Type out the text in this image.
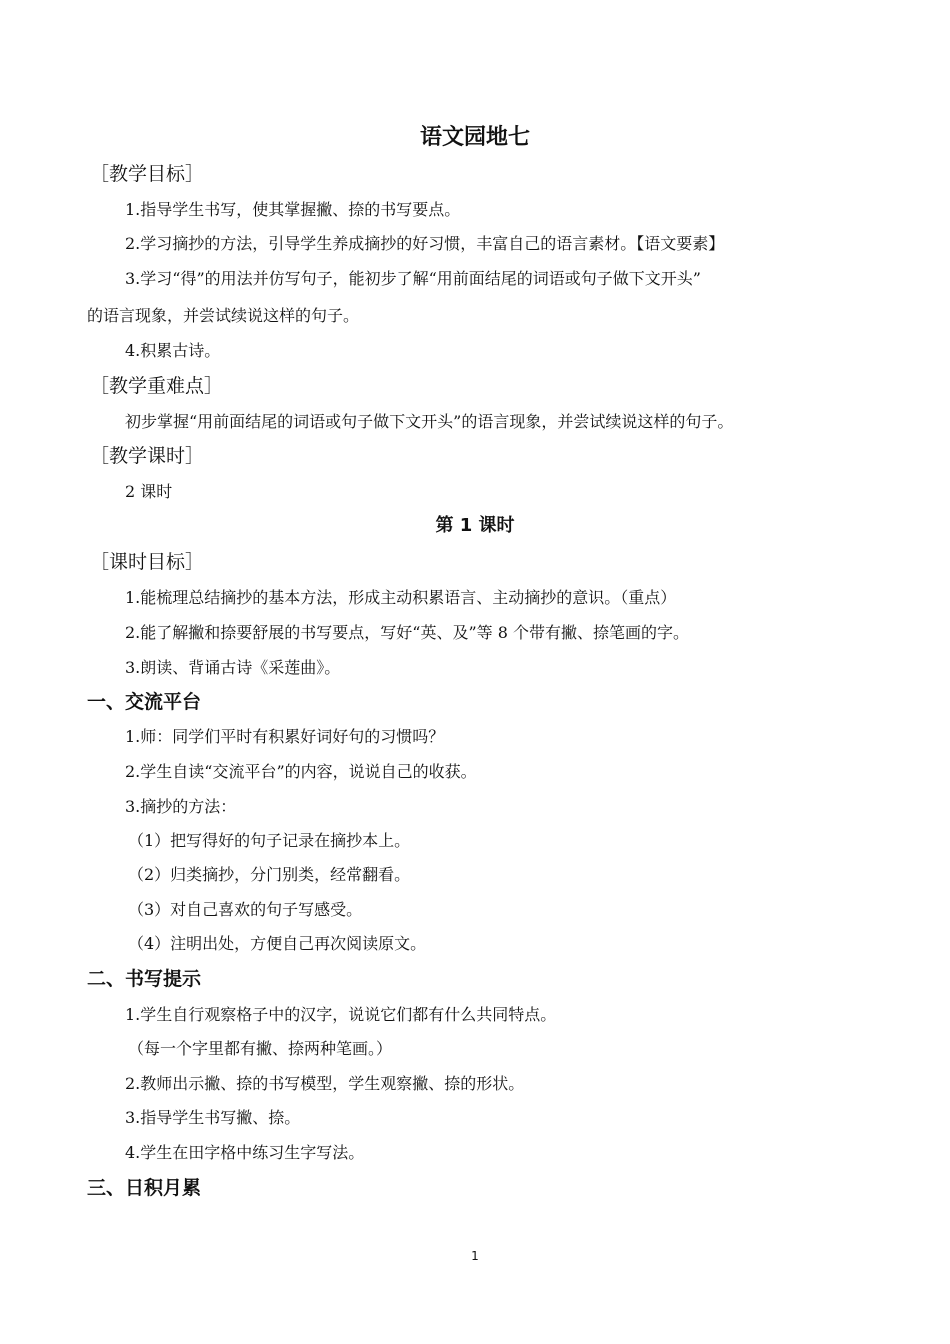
语文园地七
［教学目标］
1.指导学生书写，使其掌握撇、捺的书写要点。
2.学习摘抄的方法，引导学生养成摘抄的好习惯，丰富自己的语言素材。【语文要素】
3.学习“得”的用法并仿写句子，能初步了解“用前面结尾的词语或句子做下文开头”
的语言现象，并尝试续说这样的句子。
4.积累古诗。
［教学重难点］
初步掌握“用前面结尾的词语或句子做下文开头”的语言现象，并尝试续说这样的句子。
［教学课时］
2 课时
第 1 课时
［课时目标］
1.能梳理总结摘抄的基本方法，形成主动积累语言、主动摘抄的意识。（重点）
2.能了解撇和捺要舒展的书写要点，写好“英、及”等 8 个带有撇、捺笔画的字。
3.朗读、背诵古诗《采莲曲》。
一、交流平台
1.师：同学们平时有积累好词好句的习惯吗？
2.学生自读“交流平台”的内容，说说自己的收获。
3.摘抄的方法：
（1）把写得好的句子记录在摘抄本上。
（2）归类摘抄，分门别类，经常翻看。
（3）对自己喜欢的句子写感受。
（4）注明出处，方便自己再次阅读原文。
二、书写提示
1.学生自行观察格子中的汉字，说说它们都有什么共同特点。
（每一个字里都有撇、捺两种笔画。）
2.教师出示撇、捺的书写模型，学生观察撇、捺的形状。
3.指导学生书写撇、捺。
4.学生在田字格中练习生字写法。
三、日积月累
1
